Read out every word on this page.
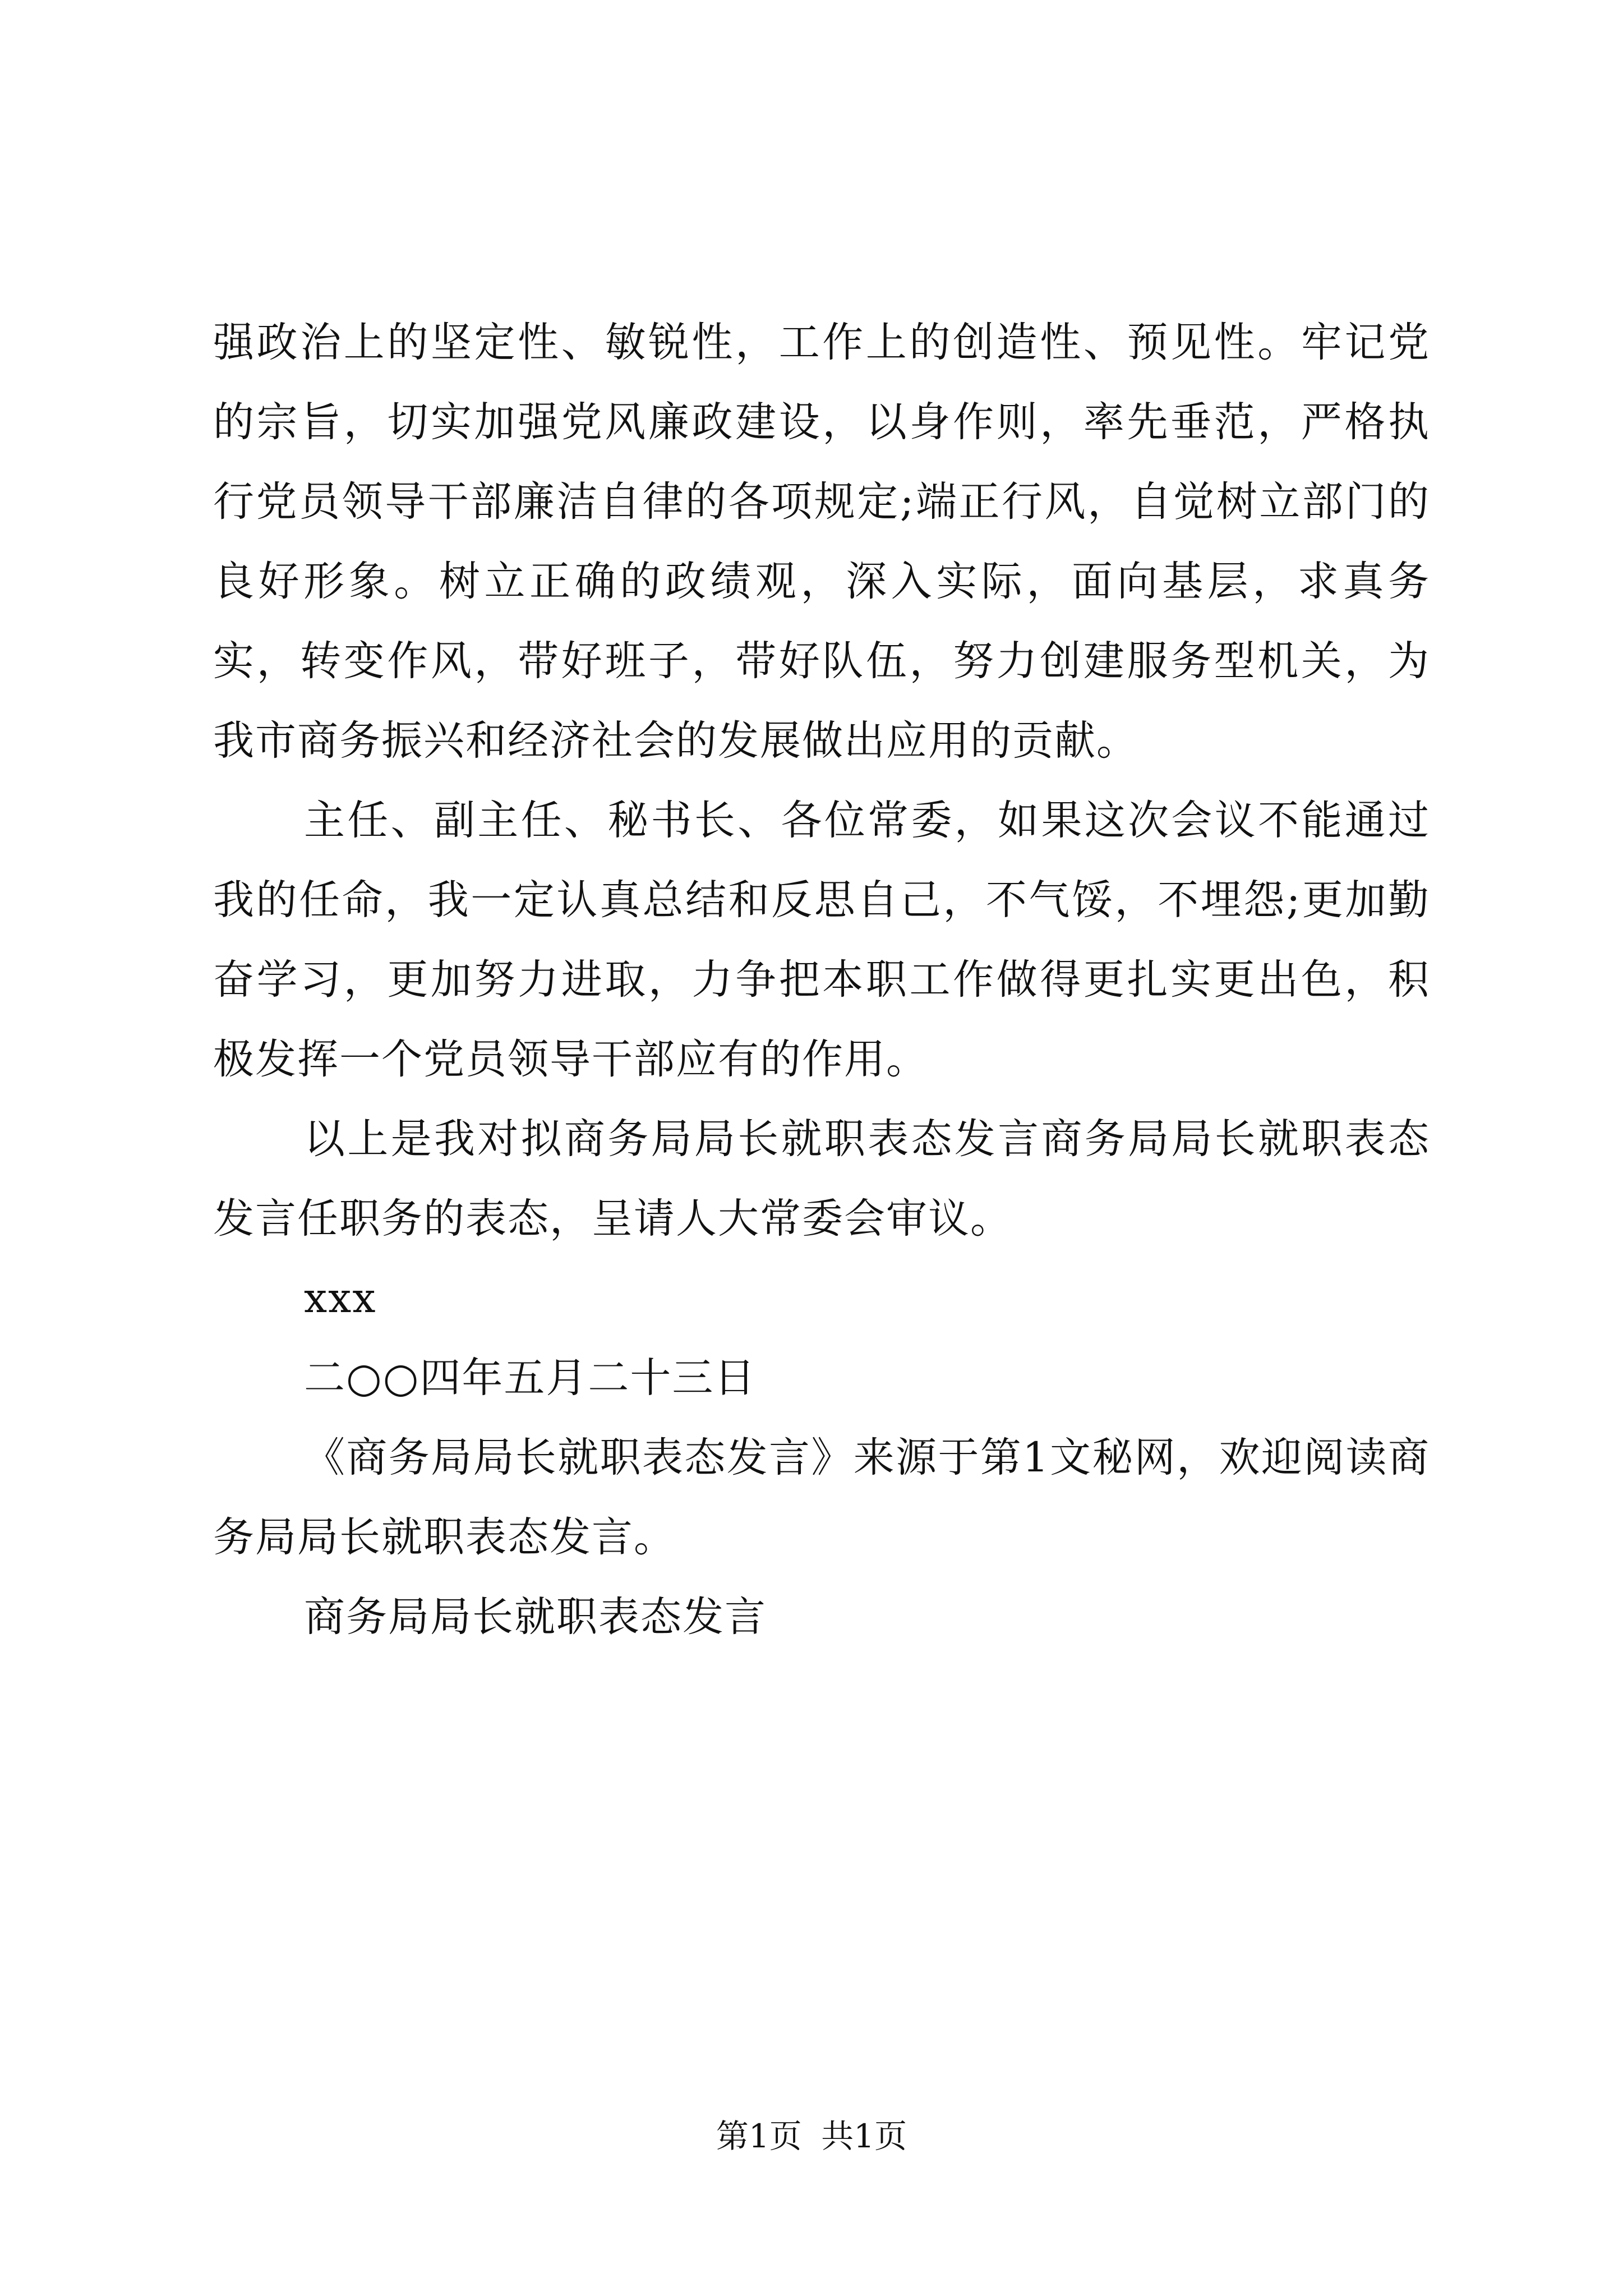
强政治上的坚定性、敏锐性，工作上的创造性、预见性。牢记党的宗旨，切实加强党风廉政建设，以身作则，率先垂范，严格执行党员领导干部廉洁自律的各项规定;端正行风，自觉树立部门的良好形象。树立正确的政绩观，深入实际，面向基层，求真务实，转变作风，带好班子，带好队伍，努力创建服务型机关，为我市商务振兴和经济社会的发展做出应用的贡献。

主任、副主任、秘书长、各位常委，如果这次会议不能通过我的任命，我一定认真总结和反思自己，不气馁，不埋怨;更加勤奋学习，更加努力进取，力争把本职工作做得更扎实更出色，积极发挥一个党员领导干部应有的作用。

以上是我对拟商务局局长就职表态发言商务局局长就职表态发言任职务的表态，呈请人大常委会审议。

xxx

二○○四年五月二十三日

《商务局局长就职表态发言》来源于第1文秘网，欢迎阅读商务局局长就职表态发言。

商务局局长就职表态发言

第1页 共1页
